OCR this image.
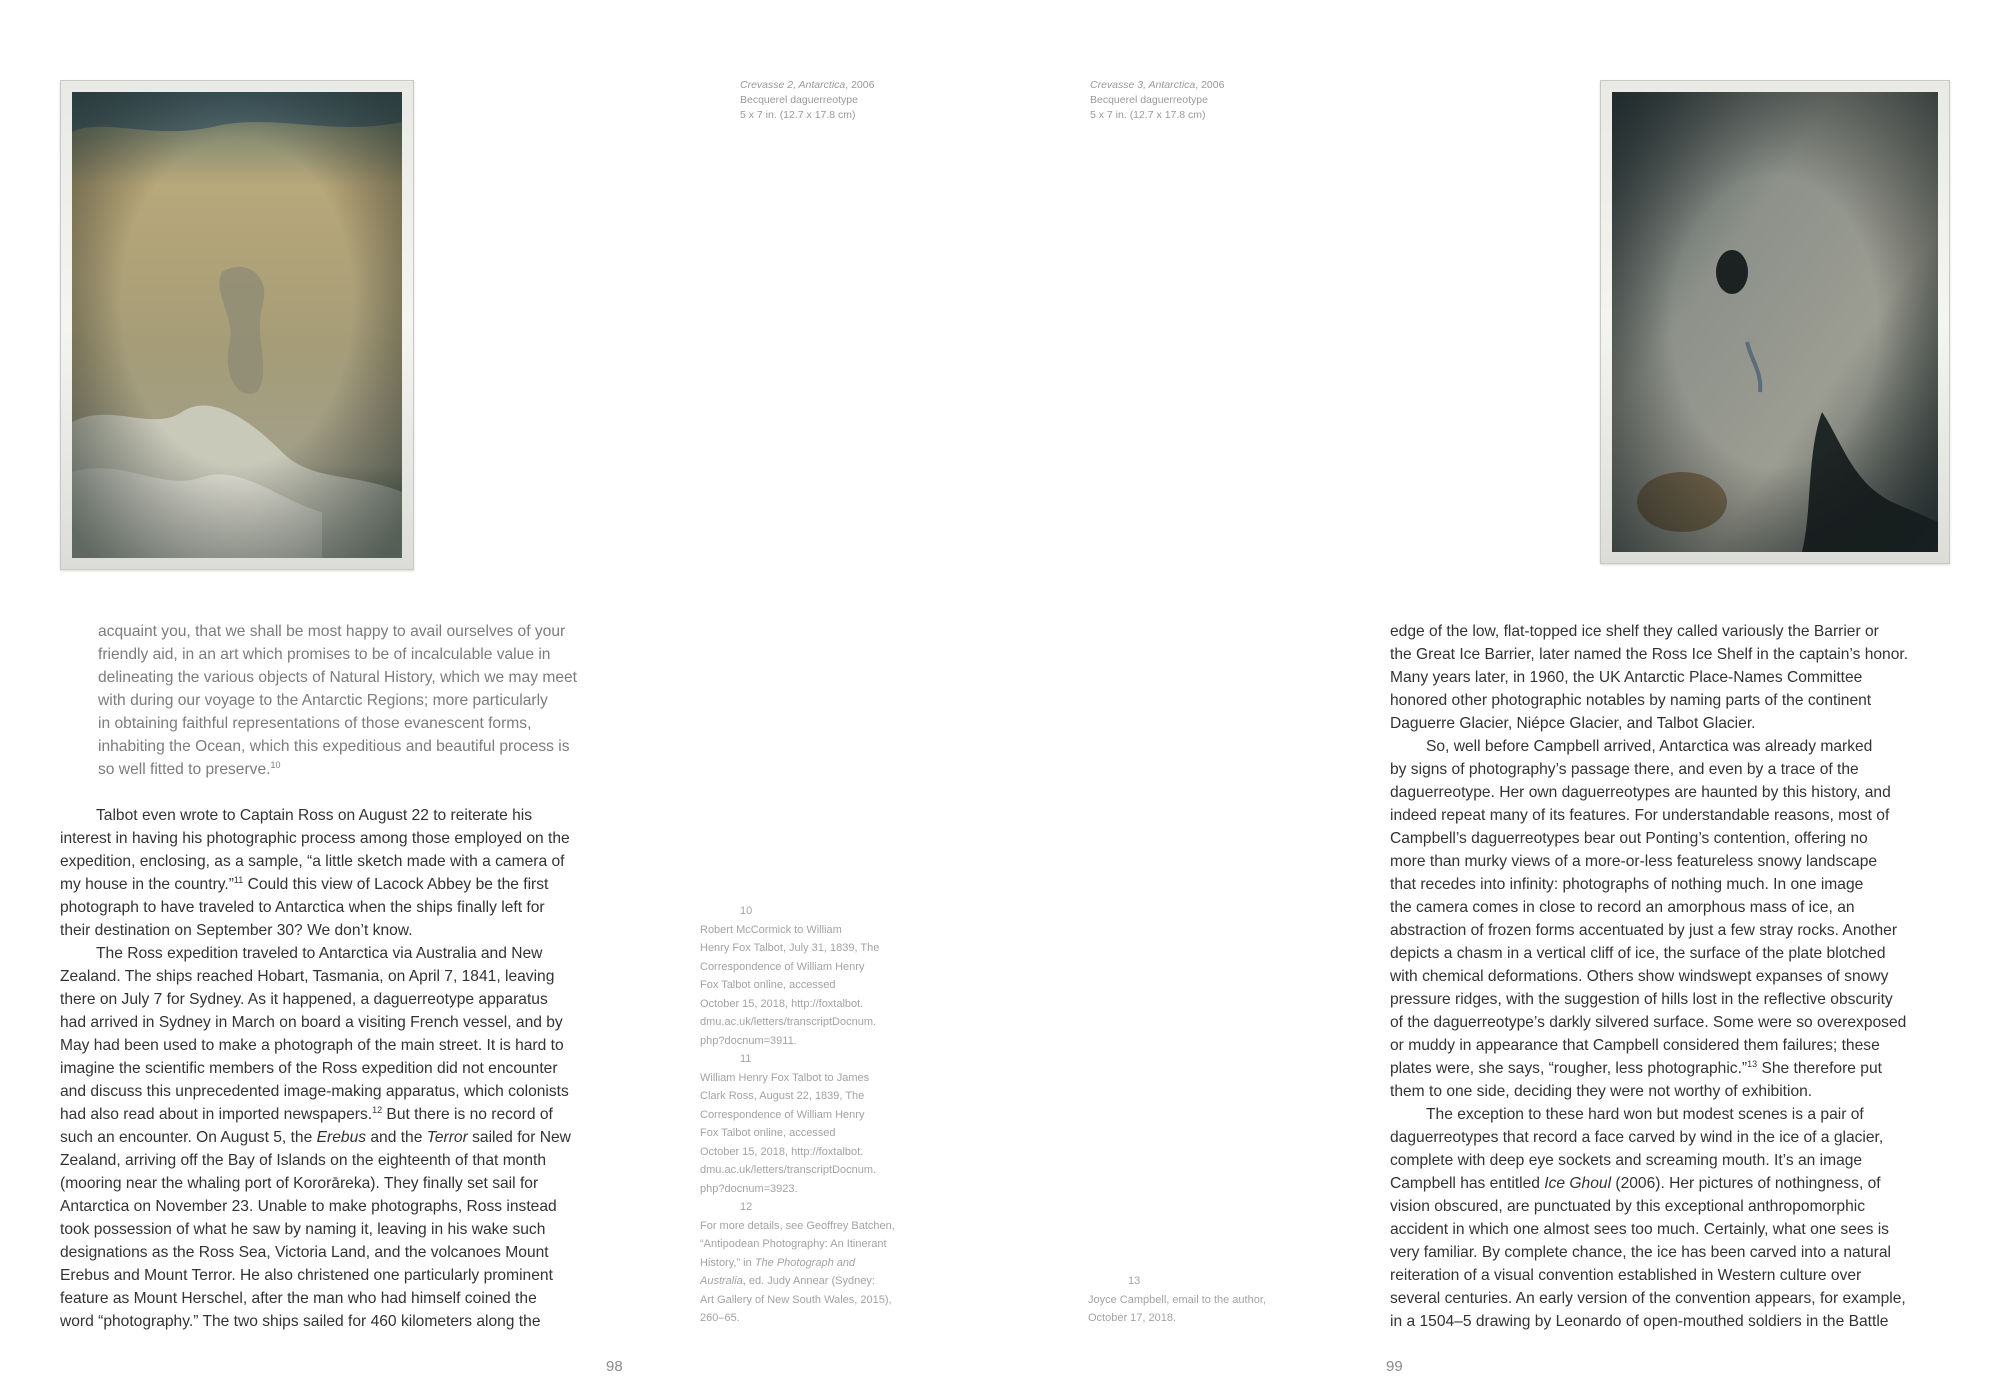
Crevasse 2, Antarctica, 2006
Becquerel daguerreotype
5 x 7 in. (12.7 x 17.8 cm)
Crevasse 3, Antarctica, 2006
Becquerel daguerreotype
5 x 7 in. (12.7 x 17.8 cm)
acquaint you, that we shall be most happy to avail ourselves of your
friendly aid, in an art which promises to be of incalculable value in
delineating the various objects of Natural History, which we may meet
with during our voyage to the Antarctic Regions; more particularly
in obtaining faithful representations of those evanescent forms,
inhabiting the Ocean, which this expeditious and beautiful process is
so well fitted to preserve.$^{10}$
Talbot even wrote to Captain Ross on August 22 to reiterate his
interest in having his photographic process among those employed on the
expedition, enclosing, as a sample, “a little sketch made with a camera of
my house in the country.”$^{11}$ Could this view of Lacock Abbey be the first
photograph to have traveled to Antarctica when the ships finally left for
their destination on September 30? We don’t know.
The Ross expedition traveled to Antarctica via Australia and New
Zealand. The ships reached Hobart, Tasmania, on April 7, 1841, leaving
there on July 7 for Sydney. As it happened, a daguerreotype apparatus
had arrived in Sydney in March on board a visiting French vessel, and by
May had been used to make a photograph of the main street. It is hard to
imagine the scientific members of the Ross expedition did not encounter
and discuss this unprecedented image-making apparatus, which colonists
had also read about in imported newspapers.$^{12}$ But there is no record of
such an encounter. On August 5, the Erebus and the Terror sailed for New
Zealand, arriving off the Bay of Islands on the eighteenth of that month
(mooring near the whaling port of Kororāreka). They finally set sail for
Antarctica on November 23. Unable to make photographs, Ross instead
took possession of what he saw by naming it, leaving in his wake such
designations as the Ross Sea, Victoria Land, and the volcanoes Mount
Erebus and Mount Terror. He also christened one particularly prominent
feature as Mount Herschel, after the man who had himself coined the
word “photography.” The two ships sailed for 460 kilometers along the
98
10
Robert McCormick to William
Henry Fox Talbot, July 31, 1839, The
Correspondence of William Henry
Fox Talbot online, accessed
October 15, 2018, http://foxtalbot.
dmu.ac.uk/letters/transcriptDocnum.
php?docnum=3911.
11
William Henry Fox Talbot to James
Clark Ross, August 22, 1839, The
Correspondence of William Henry
Fox Talbot online, accessed
October 15, 2018, http://foxtalbot.
dmu.ac.uk/letters/transcriptDocnum.
php?docnum=3923.
12
For more details, see Geoffrey Batchen,
“Antipodean Photography: An Itinerant
History,” in The Photograph and
Australia, ed. Judy Annear (Sydney:
Art Gallery of New South Wales, 2015),
260–65.
13
Joyce Campbell, email to the author,
October 17, 2018.
edge of the low, flat-topped ice shelf they called variously the Barrier or
the Great Ice Barrier, later named the Ross Ice Shelf in the captain’s honor.
Many years later, in 1960, the UK Antarctic Place-Names Committee
honored other photographic notables by naming parts of the continent
Daguerre Glacier, Niépce Glacier, and Talbot Glacier.
So, well before Campbell arrived, Antarctica was already marked
by signs of photography’s passage there, and even by a trace of the
daguerreotype. Her own daguerreotypes are haunted by this history, and
indeed repeat many of its features. For understandable reasons, most of
Campbell’s daguerreotypes bear out Ponting’s contention, offering no
more than murky views of a more-or-less featureless snowy landscape
that recedes into infinity: photographs of nothing much. In one image
the camera comes in close to record an amorphous mass of ice, an
abstraction of frozen forms accentuated by just a few stray rocks. Another
depicts a chasm in a vertical cliff of ice, the surface of the plate blotched
with chemical deformations. Others show windswept expanses of snowy
pressure ridges, with the suggestion of hills lost in the reflective obscurity
of the daguerreotype’s darkly silvered surface. Some were so overexposed
or muddy in appearance that Campbell considered them failures; these
plates were, she says, “rougher, less photographic.”$^{13}$ She therefore put
them to one side, deciding they were not worthy of exhibition.
The exception to these hard won but modest scenes is a pair of
daguerreotypes that record a face carved by wind in the ice of a glacier,
complete with deep eye sockets and screaming mouth. It’s an image
Campbell has entitled Ice Ghoul (2006). Her pictures of nothingness, of
vision obscured, are punctuated by this exceptional anthropomorphic
accident in which one almost sees too much. Certainly, what one sees is
very familiar. By complete chance, the ice has been carved into a natural
reiteration of a visual convention established in Western culture over
several centuries. An early version of the convention appears, for example,
in a 1504–5 drawing by Leonardo of open-mouthed soldiers in the Battle
99
